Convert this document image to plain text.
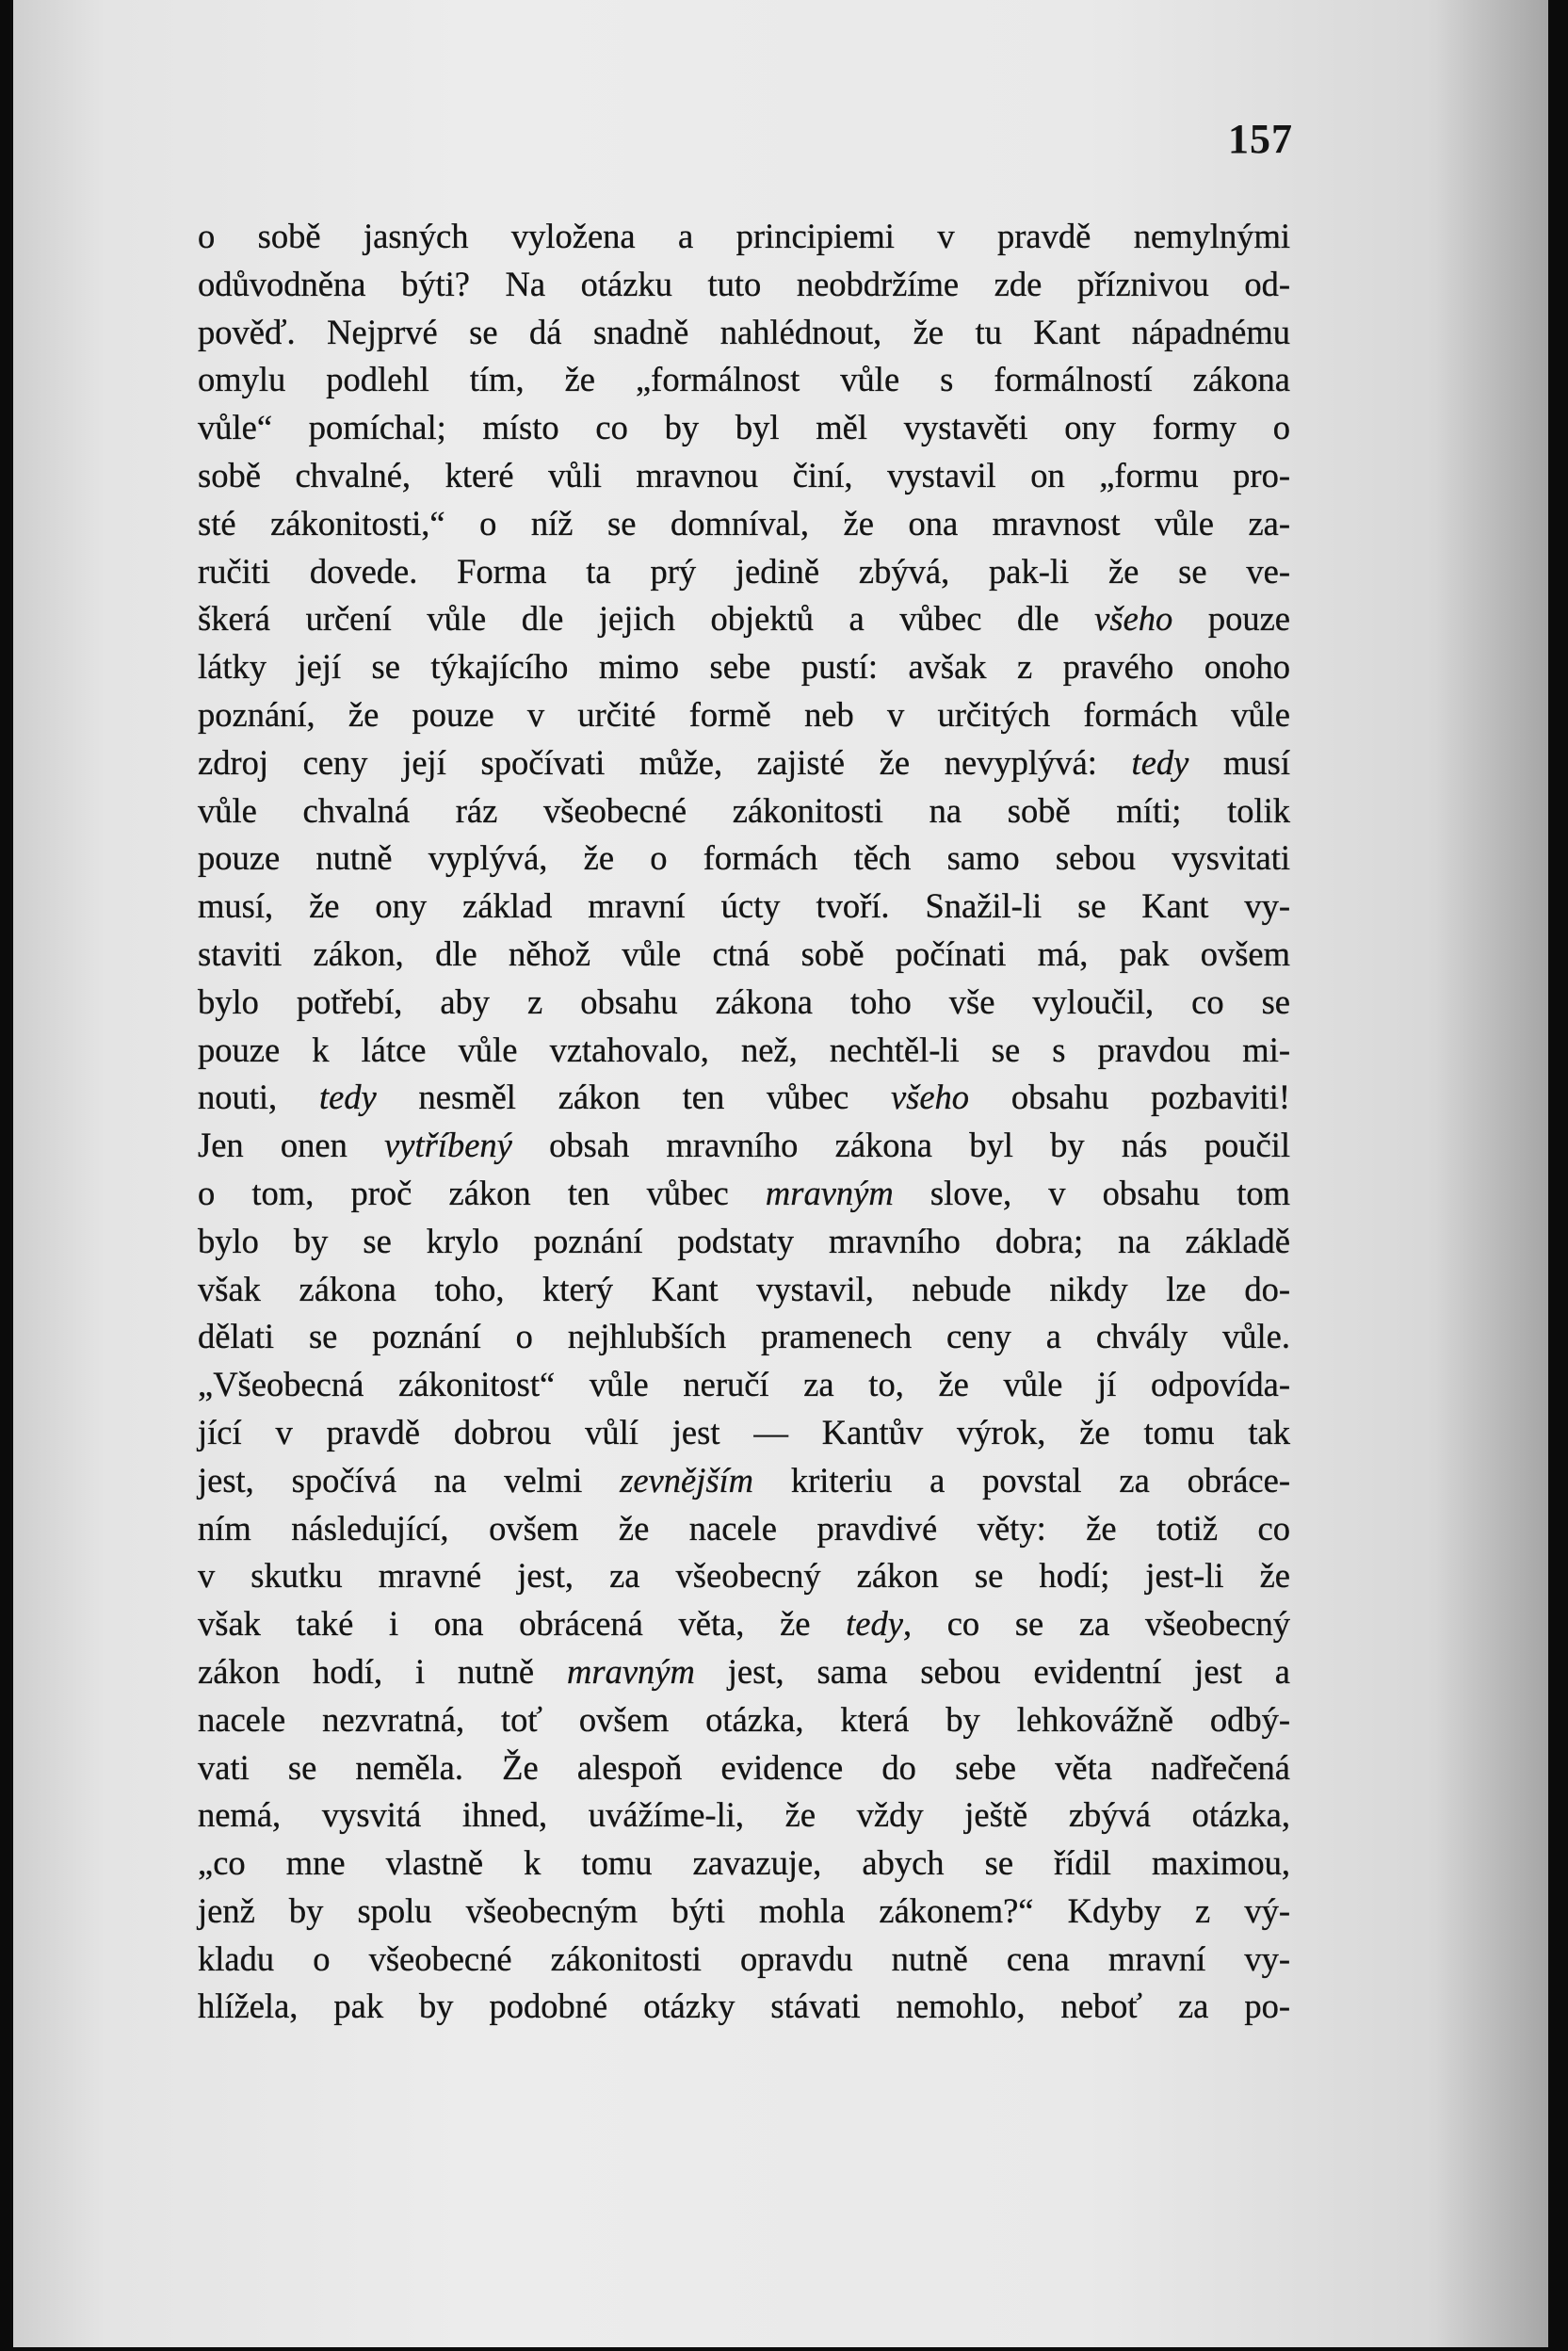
157
o sobě jasných vyložena a principiemi v pravdě nemylnými
odůvodněna býti? Na otázku tuto neobdržíme zde příznivou od-
pověď. Nejprvé se dá snadně nahlédnout, že tu Kant nápadnému
omylu podlehl tím, že „formálnost vůle s formálností zákona
vůle“ pomíchal; místo co by byl měl vystavěti ony formy o
sobě chvalné, které vůli mravnou činí, vystavil on „formu pro-
sté zákonitosti,“ o níž se domníval, že ona mravnost vůle za-
ručiti dovede. Forma ta prý jedině zbývá, pak-li že se ve-
škerá určení vůle dle jejich objektů a vůbec dle všeho pouze
látky její se týkajícího mimo sebe pustí: avšak z pravého onoho
poznání, že pouze v určité formě neb v určitých formách vůle
zdroj ceny její spočívati může, zajisté že nevyplývá: tedy musí
vůle chvalná ráz všeobecné zákonitosti na sobě míti; tolik
pouze nutně vyplývá, že o formách těch samo sebou vysvitati
musí, že ony základ mravní úcty tvoří. Snažil-li se Kant vy-
staviti zákon, dle něhož vůle ctná sobě počínati má, pak ovšem
bylo potřebí, aby z obsahu zákona toho vše vyloučil, co se
pouze k látce vůle vztahovalo, než, nechtěl-li se s pravdou mi-
nouti, tedy nesměl zákon ten vůbec všeho obsahu pozbaviti!
Jen onen vytříbený obsah mravního zákona byl by nás poučil
o tom, proč zákon ten vůbec mravným slove, v obsahu tom
bylo by se krylo poznání podstaty mravního dobra; na základě
však zákona toho, který Kant vystavil, nebude nikdy lze do-
dělati se poznání o nejhlubších pramenech ceny a chvály vůle.
„Všeobecná zákonitost“ vůle neručí za to, že vůle jí odpovída-
jící v pravdě dobrou vůlí jest — Kantův výrok, že tomu tak
jest, spočívá na velmi zevnějším kriteriu a povstal za obráce-
ním následující, ovšem že nacele pravdivé věty: že totiž co
v skutku mravné jest, za všeobecný zákon se hodí; jest-li že
však také i ona obrácená věta, že tedy, co se za všeobecný
zákon hodí, i nutně mravným jest, sama sebou evidentní jest a
nacele nezvratná, toť ovšem otázka, která by lehkovážně odbý-
vati se neměla. Že alespoň evidence do sebe věta nadřečená
nemá, vysvitá ihned, uvážíme-li, že vždy ještě zbývá otázka,
„co mne vlastně k tomu zavazuje, abych se řídil maximou,
jenž by spolu všeobecným býti mohla zákonem?“ Kdyby z vý-
kladu o všeobecné zákonitosti opravdu nutně cena mravní vy-
hlížela, pak by podobné otázky stávati nemohlo, neboť za po-
